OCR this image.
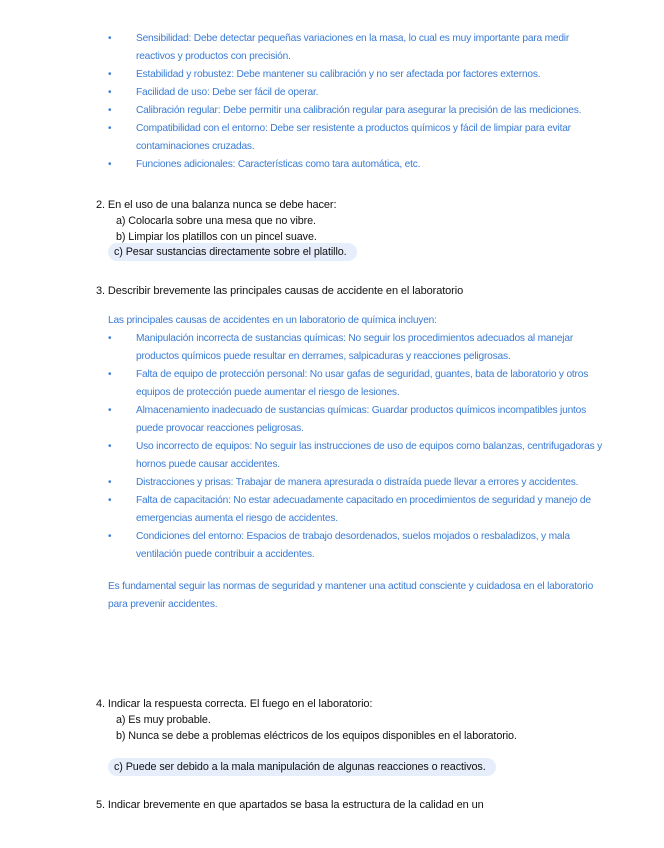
•	Sensibilidad: Debe detectar pequeñas variaciones en la masa, lo cual es muy importante para medir reactivos y productos con precisión.
•	Estabilidad y robustez: Debe mantener su calibración y no ser afectada por factores externos.
•	Facilidad de uso: Debe ser fácil de operar.
•	Calibración regular: Debe permitir una calibración regular para asegurar la precisión de las mediciones.
•	Compatibilidad con el entorno: Debe ser resistente a productos químicos y fácil de limpiar para evitar contaminaciones cruzadas.
•	Funciones adicionales: Características como tara automática, etc.
2. En el uso de una balanza nunca se debe hacer:
a) Colocarla sobre una mesa que no vibre.
b) Limpiar los platillos con un pincel suave.
c) Pesar sustancias directamente sobre el platillo.
3. Describir brevemente las principales causas de accidente en el laboratorio
Las principales causas de accidentes en un laboratorio de química incluyen:
•	Manipulación incorrecta de sustancias químicas: No seguir los procedimientos adecuados al manejar productos químicos puede resultar en derrames, salpicaduras y reacciones peligrosas.
•	Falta de equipo de protección personal: No usar gafas de seguridad, guantes, bata de laboratorio y otros equipos de protección puede aumentar el riesgo de lesiones.
•	Almacenamiento inadecuado de sustancias químicas: Guardar productos químicos incompatibles juntos puede provocar reacciones peligrosas.
•	Uso incorrecto de equipos: No seguir las instrucciones de uso de equipos como balanzas, centrifugadoras y hornos puede causar accidentes.
•	Distracciones y prisas: Trabajar de manera apresurada o distraída puede llevar a errores y accidentes.
•	Falta de capacitación: No estar adecuadamente capacitado en procedimientos de seguridad y manejo de emergencias aumenta el riesgo de accidentes.
•	Condiciones del entorno: Espacios de trabajo desordenados, suelos mojados o resbaladizos, y mala ventilación puede contribuir a accidentes.
Es fundamental seguir las normas de seguridad y mantener una actitud consciente y cuidadosa en el laboratorio para prevenir accidentes.
4. Indicar la respuesta correcta. El fuego en el laboratorio:
a) Es muy probable.
b) Nunca se debe a problemas eléctricos de los equipos disponibles en el laboratorio.
c) Puede ser debido a la mala manipulación de algunas reacciones o reactivos.
5. Indicar brevemente en que apartados se basa la estructura de la calidad en un
